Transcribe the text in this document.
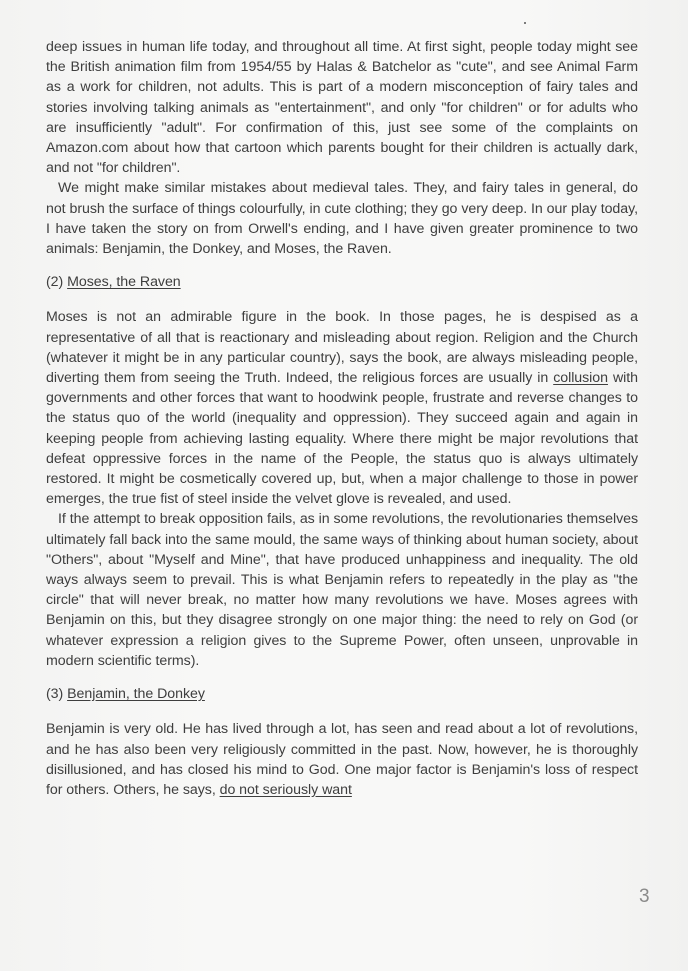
deep issues in human life today, and throughout all time. At first sight, people today might see the British animation film from 1954/55 by Halas & Batchelor as "cute", and see Animal Farm as a work for children, not adults. This is part of a modern misconception of fairy tales and stories involving talking animals as "entertainment", and only "for children" or for adults who are insufficiently "adult". For confirmation of this, just see some of the complaints on Amazon.com about how that cartoon which parents bought for their children is actually dark, and not "for children".

We might make similar mistakes about medieval tales. They, and fairy tales in general, do not brush the surface of things colourfully, in cute clothing; they go very deep. In our play today, I have taken the story on from Orwell's ending, and I have given greater prominence to two animals: Benjamin, the Donkey, and Moses, the Raven.

(2) Moses, the Raven

Moses is not an admirable figure in the book. In those pages, he is despised as a representative of all that is reactionary and misleading about region. Religion and the Church (whatever it might be in any particular country), says the book, are always misleading people, diverting them from seeing the Truth. Indeed, the religious forces are usually in collusion with governments and other forces that want to hoodwink people, frustrate and reverse changes to the status quo of the world (inequality and oppression). They succeed again and again in keeping people from achieving lasting equality. Where there might be major revolutions that defeat oppressive forces in the name of the People, the status quo is always ultimately restored. It might be cosmetically covered up, but, when a major challenge to those in power emerges, the true fist of steel inside the velvet glove is revealed, and used.

If the attempt to break opposition fails, as in some revolutions, the revolutionaries themselves ultimately fall back into the same mould, the same ways of thinking about human society, about "Others", about "Myself and Mine", that have produced unhappiness and inequality. The old ways always seem to prevail. This is what Benjamin refers to repeatedly in the play as "the circle" that will never break, no matter how many revolutions we have. Moses agrees with Benjamin on this, but they disagree strongly on one major thing: the need to rely on God (or whatever expression a religion gives to the Supreme Power, often unseen, unprovable in modern scientific terms).

(3) Benjamin, the Donkey

Benjamin is very old. He has lived through a lot, has seen and read about a lot of revolutions, and he has also been very religiously committed in the past. Now, however, he is thoroughly disillusioned, and has closed his mind to God. One major factor is Benjamin's loss of respect for others. Others, he says, do not seriously want

3
